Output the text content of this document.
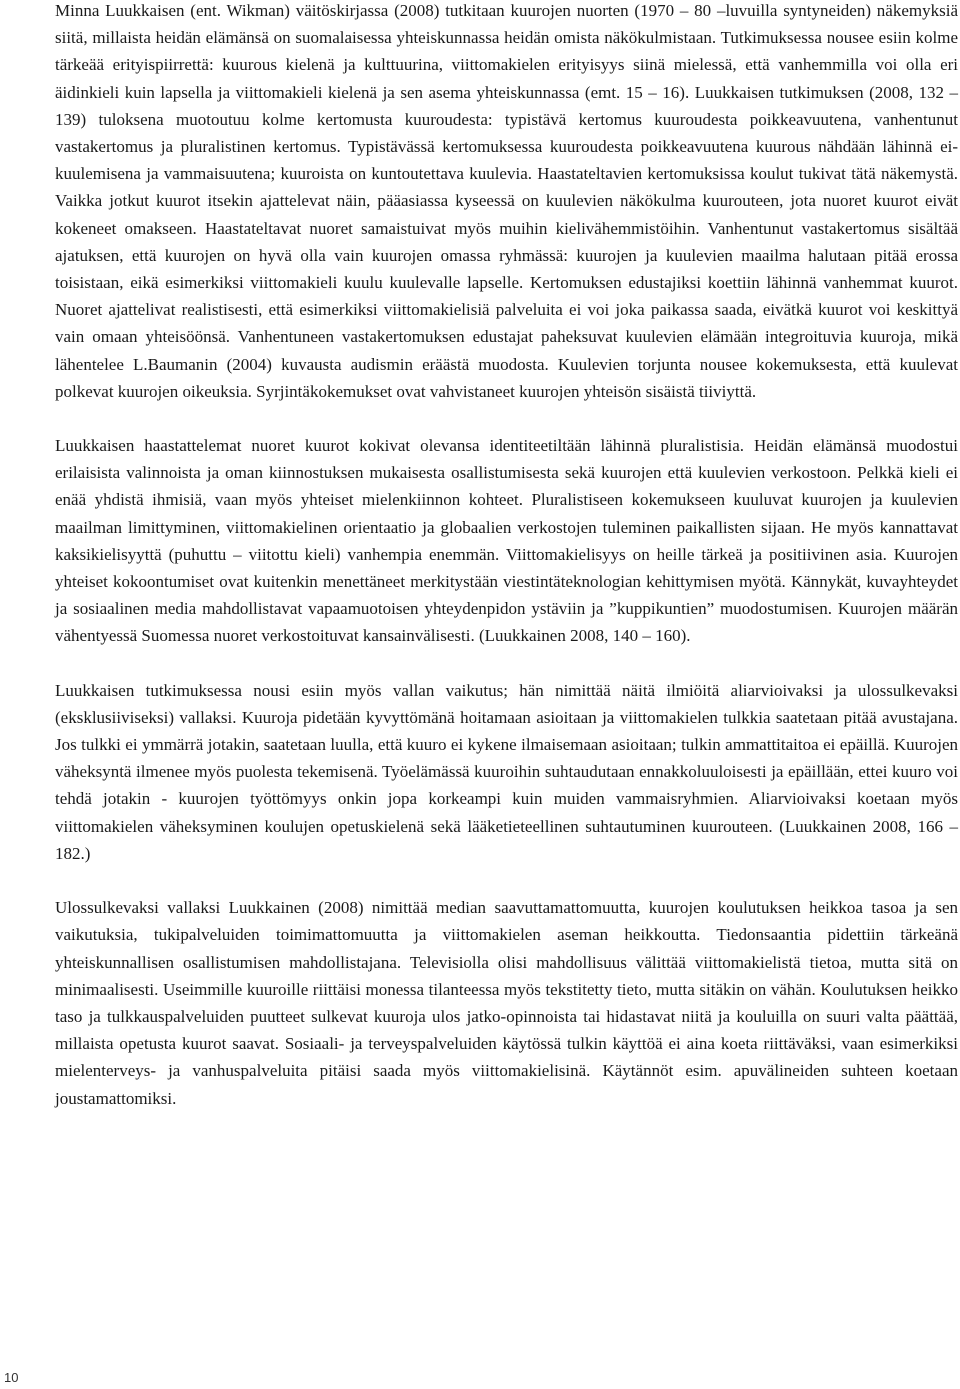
Minna Luukkaisen (ent. Wikman) väitöskirjassa (2008) tutkitaan kuurojen nuorten (1970 – 80 –luvuilla syntyneiden) näkemyksiä siitä, millaista heidän elämänsä on suomalaisessa yhteiskunnassa heidän omista näkökulmistaan. Tutkimuksessa nousee esiin kolme tärkeää erityispiirrettä: kuurous kielenä ja kulttuurina, viittomakielen erityisyys siinä mielessä, että vanhemmilla voi olla eri äidinkieli kuin lapsella ja viittomakieli kielenä ja sen asema yhteiskunnassa (emt. 15 – 16). Luukkaisen tutkimuksen (2008, 132 – 139) tuloksena muotoutuu kolme kertomusta kuuroudesta: typistävä kertomus kuuroudesta poikkeavuutena, vanhentunut vastakertomus ja pluralistinen kertomus. Typistävässä kertomuksessa kuuroudesta poikkeavuutena kuurous nähdään lähinnä ei-kuulemisena ja vammaisuutena; kuuroista on kuntoutettava kuulevia. Haastateltavien kertomuksissa koulut tukivat tätä näkemystä. Vaikka jotkut kuurot itsekin ajattelevat näin, pääasiassa kyseessä on kuulevien näkökulma kuurouteen, jota nuoret kuurot eivät kokeneet omakseen. Haastateltavat nuoret samaistuivat myös muihin kielivähemmistöihin. Vanhentunut vastakertomus sisältää ajatuksen, että kuurojen on hyvä olla vain kuurojen omassa ryhmässä: kuurojen ja kuulevien maailma halutaan pitää erossa toisistaan, eikä esimerkiksi viittomakieli kuulu kuulevalle lapselle. Kertomuksen edustajiksi koettiin lähinnä vanhemmat kuurot. Nuoret ajattelivat realistisesti, että esimerkiksi viittomakielisiä palveluita ei voi joka paikassa saada, eivätkä kuurot voi keskittyä vain omaan yhteisöönsä. Vanhentuneen vastakertomuksen edustajat paheksuvat kuulevien elämään integroituvia kuuroja, mikä lähentelee L.Baumanin (2004) kuvausta audismin eräästä muodosta. Kuulevien torjunta nousee kokemuksesta, että kuulevat polkevat kuurojen oikeuksia. Syrjintäkokemukset ovat vahvistaneet kuurojen yhteisön sisäistä tiiviyttä.

Luukkaisen haastattelemat nuoret kuurot kokivat olevansa identiteetiltään lähinnä pluralistisia. Heidän elämänsä muodostui erilaisista valinnoista ja oman kiinnostuksen mukaisesta osallistumisesta sekä kuurojen että kuulevien verkostoon. Pelkkä kieli ei enää yhdistä ihmisiä, vaan myös yhteiset mielenkiinnon kohteet. Pluralistiseen kokemukseen kuuluvat kuurojen ja kuulevien maailman limittyminen, viittomakielinen orientaatio ja globaalien verkostojen tuleminen paikallisten sijaan. He myös kannattavat kaksikielisyyttä (puhuttu – viitottu kieli) vanhempia enemmän. Viittomakielisyys on heille tärkeä ja positiivinen asia. Kuurojen yhteiset kokoontumiset ovat kuitenkin menettäneet merkitystään viestintäteknologian kehittymisen myötä. Kännykät, kuvayhteydet ja sosiaalinen media mahdollistavat vapaamuotoisen yhteydenpidon ystäviin ja ”kuppikuntien” muodostumisen. Kuurojen määrän vähentyessä Suomessa nuoret verkostoituvat kansainvälisesti. (Luukkainen 2008, 140 – 160).

Luukkaisen tutkimuksessa nousi esiin myös vallan vaikutus; hän nimittää näitä ilmiöitä aliarvioivaksi ja ulossulkevaksi (eksklusiiviseksi) vallaksi. Kuuroja pidetään kyvyttömänä hoitamaan asioitaan ja viittomakielen tulkkia saatetaan pitää avustajana. Jos tulkki ei ymmärrä jotakin, saatetaan luulla, että kuuro ei kykene ilmaisemaan asioitaan; tulkin ammattitaitoa ei epäillä. Kuurojen väheksyntä ilmenee myös puolesta tekemisenä. Työelämässä kuuroihin suhtaudutaan ennakkoluuloisesti ja epäillään, ettei kuuro voi tehdä jotakin - kuurojen työttömyys onkin jopa korkeampi kuin muiden vammaisryhmien. Aliarvioivaksi koetaan myös viittomakielen väheksyminen koulujen opetuskielenä sekä lääketieteellinen suhtautuminen kuurouteen. (Luukkainen 2008, 166 – 182.)

Ulossulkevaksi vallaksi Luukkainen (2008) nimittää median saavuttamattomuutta, kuurojen koulutuksen heikkoa tasoa ja sen vaikutuksia, tukipalveluiden toimimattomuutta ja viittomakielen aseman heikkoutta. Tiedonsaantia pidettiin tärkeänä yhteiskunnallisen osallistumisen mahdollistajana. Televisiolla olisi mahdollisuus välittää viittomakielistä tietoa, mutta sitä on minimaalisesti. Useimmille kuuroille riittäisi monessa tilanteessa myös tekstitetty tieto, mutta sitäkin on vähän. Koulutuksen heikko taso ja tulkkauspalveluiden puutteet sulkevat kuuroja ulos jatko-opinnoista tai hidastavat niitä ja kouluilla on suuri valta päättää, millaista opetusta kuurot saavat. Sosiaali- ja terveyspalveluiden käytössä tulkin käyttöä ei aina koeta riittäväksi, vaan esimerkiksi mielenterveys- ja vanhuspalveluita pitäisi saada myös viittomakielisinä. Käytännöt esim. apuvälineiden suhteen koetaan joustamattomiksi.

10
